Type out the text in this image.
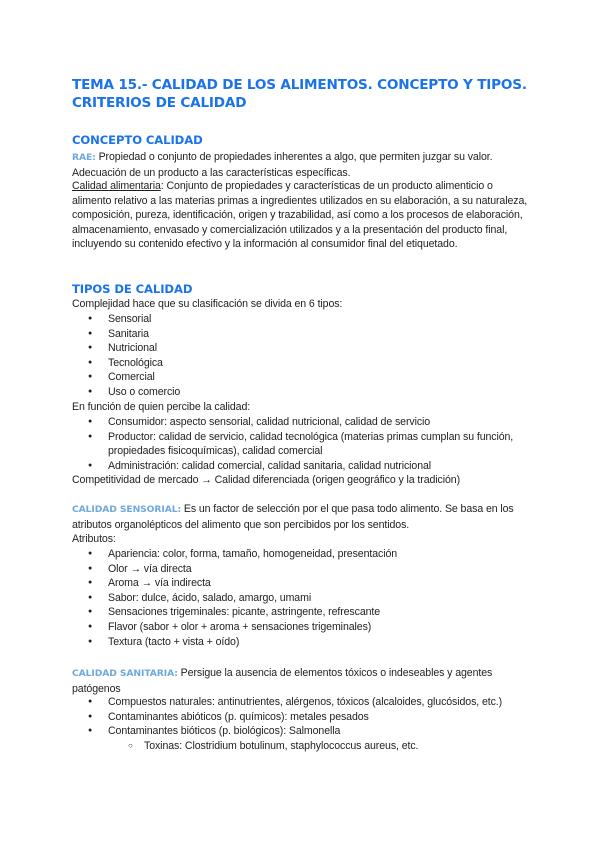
TEMA 15.- CALIDAD DE LOS ALIMENTOS. CONCEPTO Y TIPOS. CRITERIOS DE CALIDAD
CONCEPTO CALIDAD
RAE: Propiedad o conjunto de propiedades inherentes a algo, que permiten juzgar su valor. Adecuación de un producto a las características específicas.
Calidad alimentaria: Conjunto de propiedades y características de un producto alimenticio o alimento relativo a las materias primas a ingredientes utilizados en su elaboración, a su naturaleza, composición, pureza, identificación, origen y trazabilidad, así como a los procesos de elaboración, almacenamiento, envasado y comercialización utilizados y a la presentación del producto final, incluyendo su contenido efectivo y la información al consumidor final del etiquetado.
TIPOS DE CALIDAD
Complejidad hace que su clasificación se divida en 6 tipos:
● Sensorial
● Sanitaria
● Nutricional
● Tecnológica
● Comercial
● Uso o comercio
En función de quien percibe la calidad:
● Consumidor: aspecto sensorial, calidad nutricional, calidad de servicio
● Productor: calidad de servicio, calidad tecnológica (materias primas cumplan su función, propiedades fisicoquímicas), calidad comercial
● Administración: calidad comercial, calidad sanitaria, calidad nutricional
Competitividad de mercado → Calidad diferenciada (origen geográfico y la tradición)
CALIDAD SENSORIAL: Es un factor de selección por el que pasa todo alimento. Se basa en los atributos organolépticos del alimento que son percibidos por los sentidos.
Atributos:
● Apariencia: color, forma, tamaño, homogeneidad, presentación
● Olor → vía directa
● Aroma → vía indirecta
● Sabor: dulce, ácido, salado, amargo, umami
● Sensaciones trigeminales: picante, astringente, refrescante
● Flavor (sabor + olor + aroma + sensaciones trigeminales)
● Textura (tacto + vista + oído)
CALIDAD SANITARIA: Persigue la ausencia de elementos tóxicos o indeseables y agentes patógenos
● Compuestos naturales: antinutrientes, alérgenos, tóxicos (alcaloides, glucósidos, etc.)
● Contaminantes abióticos (p. químicos): metales pesados
● Contaminantes bióticos (p. biológicos): Salmonella
○ Toxinas: Clostridium botulinum, staphylococcus aureus, etc.
